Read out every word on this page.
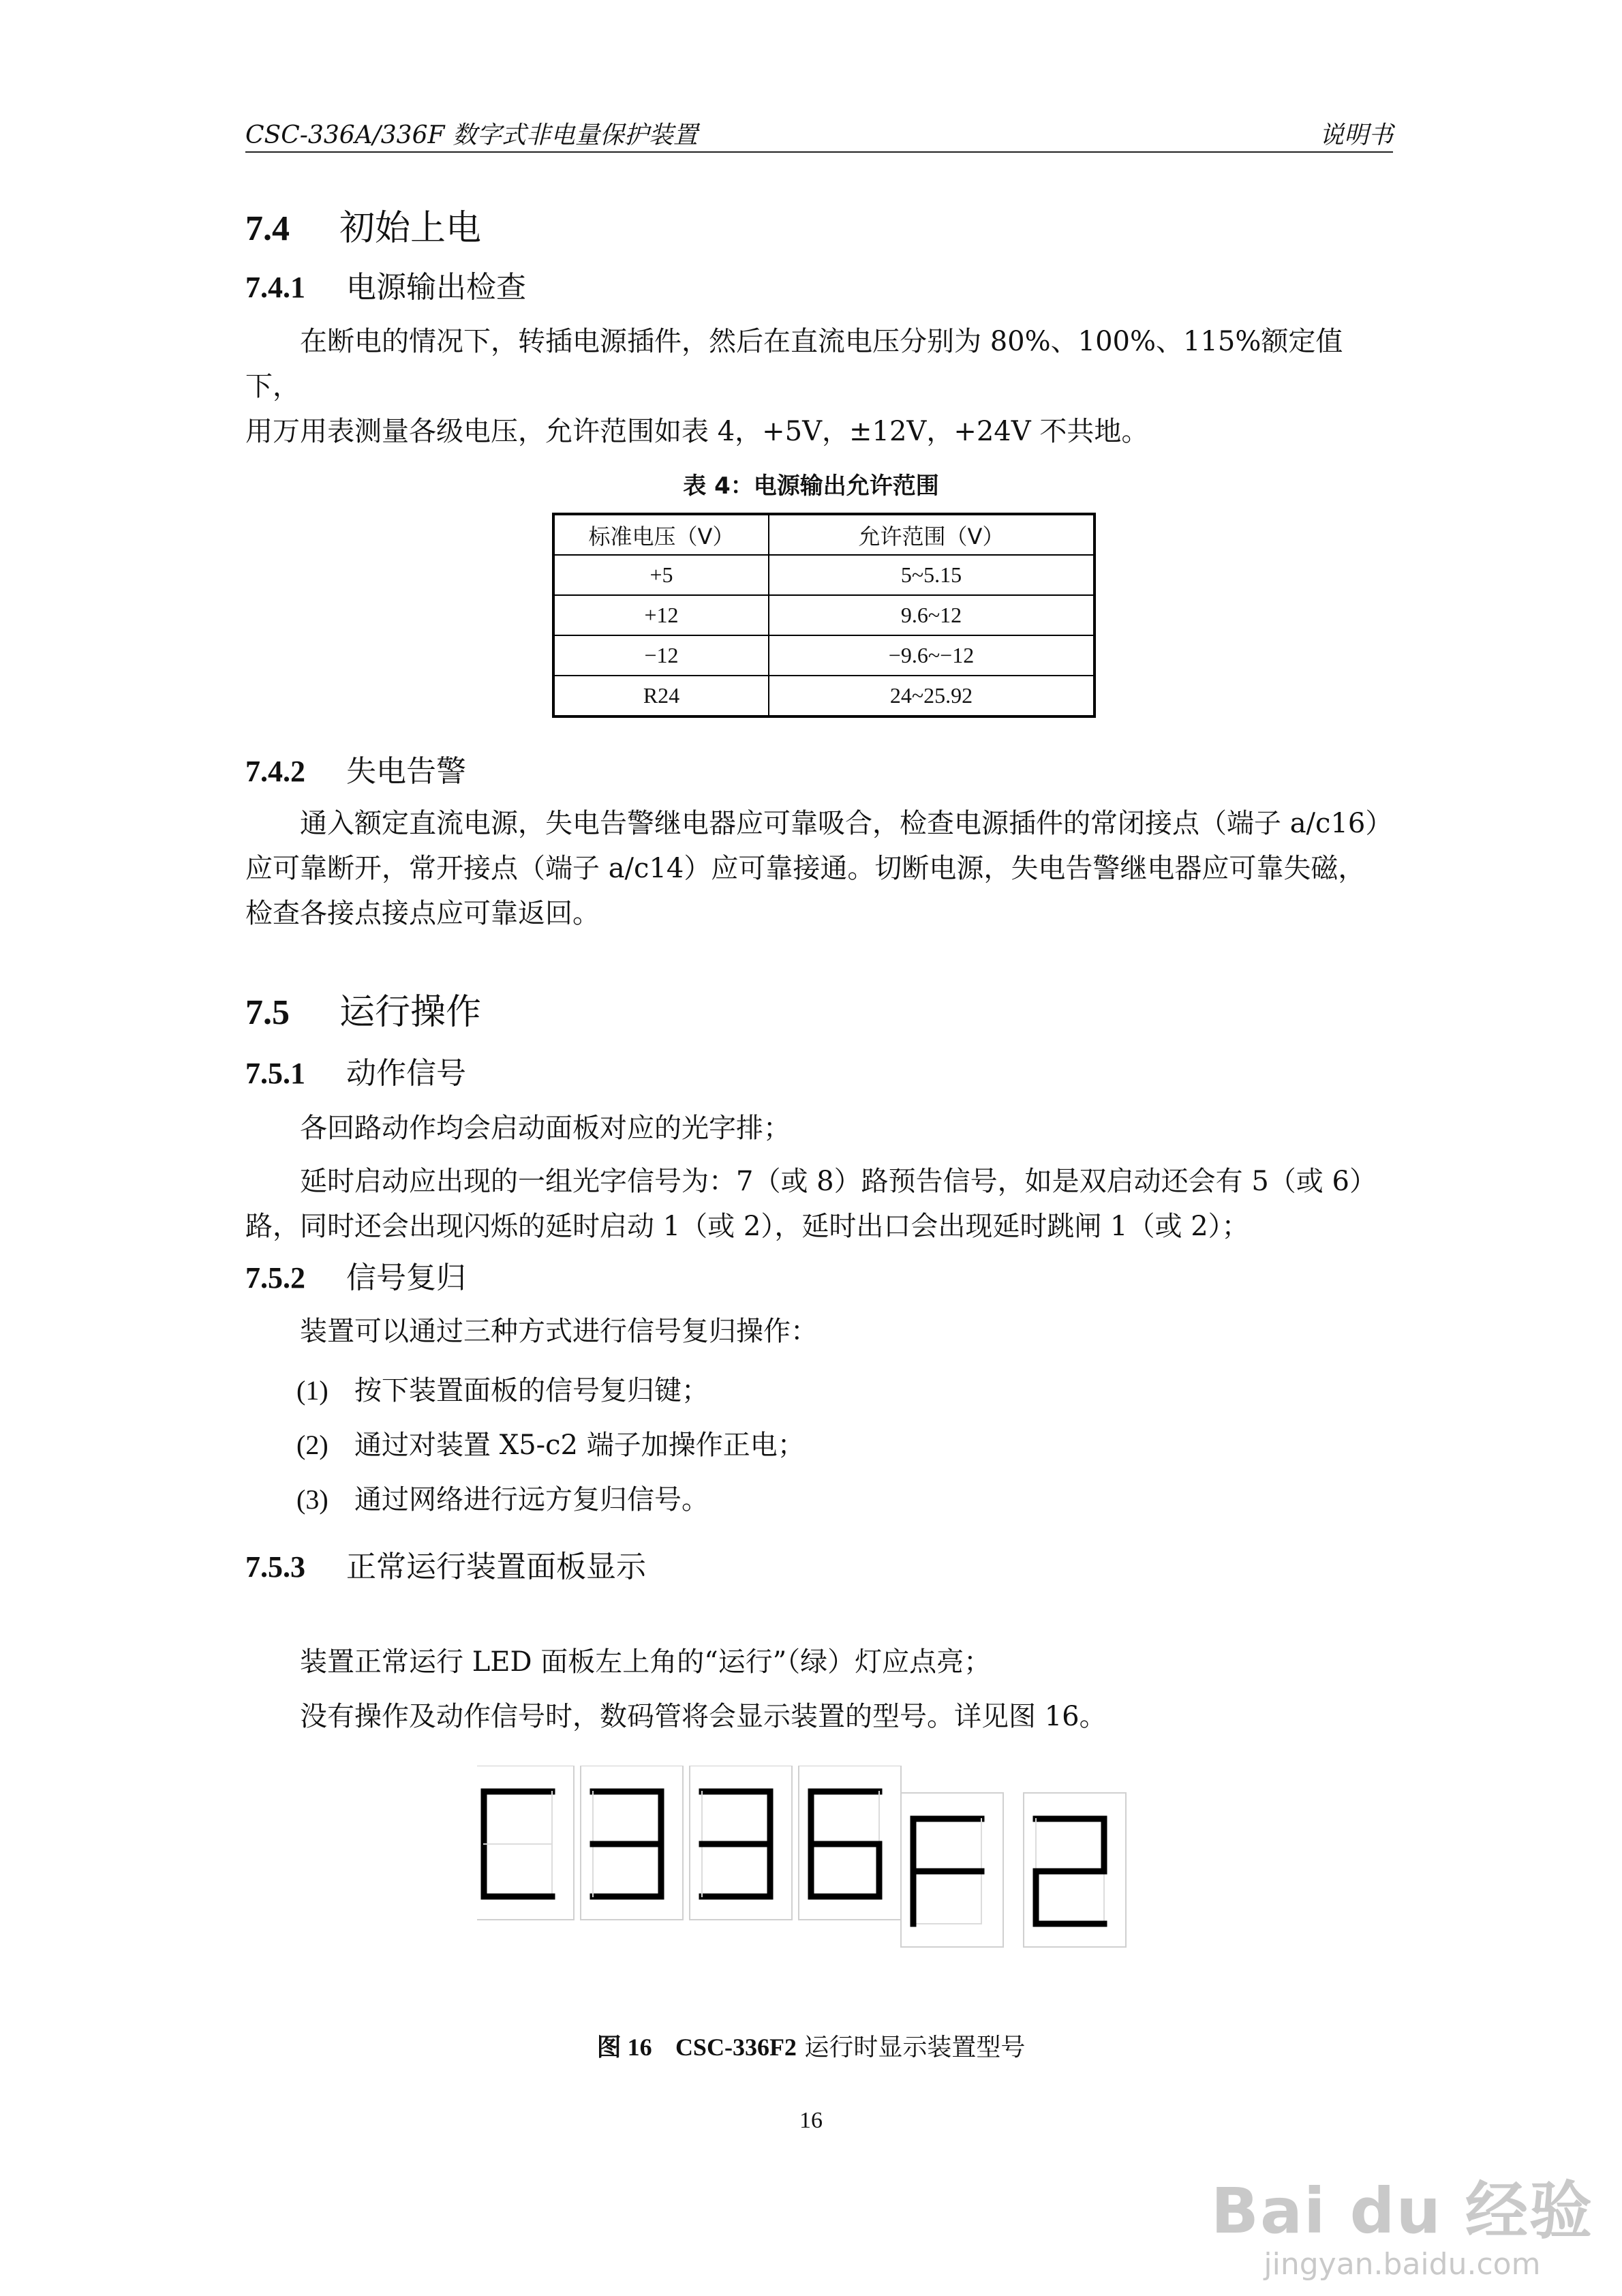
CSC-336A/336F 数字式非电量保护装置	说明书
7.4 初始上电
7.4.1 电源输出检查
在断电的情况下，转插电源插件，然后在直流电压分别为 80%、100%、115%额定值下，
用万用表测量各级电压，允许范围如表 4，+5V，±12V，+24V 不共地。
表 4：电源输出允许范围
标准电压（V）	允许范围（V）
+5	5~5.15
+12	9.6~12
−12	−9.6~−12
R24	24~25.92
7.4.2 失电告警
通入额定直流电源，失电告警继电器应可靠吸合，检查电源插件的常闭接点（端子 a/c16）
应可靠断开，常开接点（端子 a/c14）应可靠接通。切断电源，失电告警继电器应可靠失磁，
检查各接点接点应可靠返回。
7.5 运行操作
7.5.1 动作信号
各回路动作均会启动面板对应的光字排；
延时启动应出现的一组光字信号为：7（或 8）路预告信号，如是双启动还会有 5（或 6）
路，同时还会出现闪烁的延时启动 1（或 2），延时出口会出现延时跳闸 1（或 2）；
7.5.2 信号复归
装置可以通过三种方式进行信号复归操作：
(1) 按下装置面板的信号复归键；
(2) 通过对装置 X5-c2 端子加操作正电；
(3) 通过网络进行远方复归信号。
7.5.3 正常运行装置面板显示
装置正常运行 LED 面板左上角的“运行”（绿）灯应点亮；
没有操作及动作信号时，数码管将会显示装置的型号。详见图 16。
图 16 CSC-336F2 运行时显示装置型号
16
Bai du 经验
jingyan.baidu.com
